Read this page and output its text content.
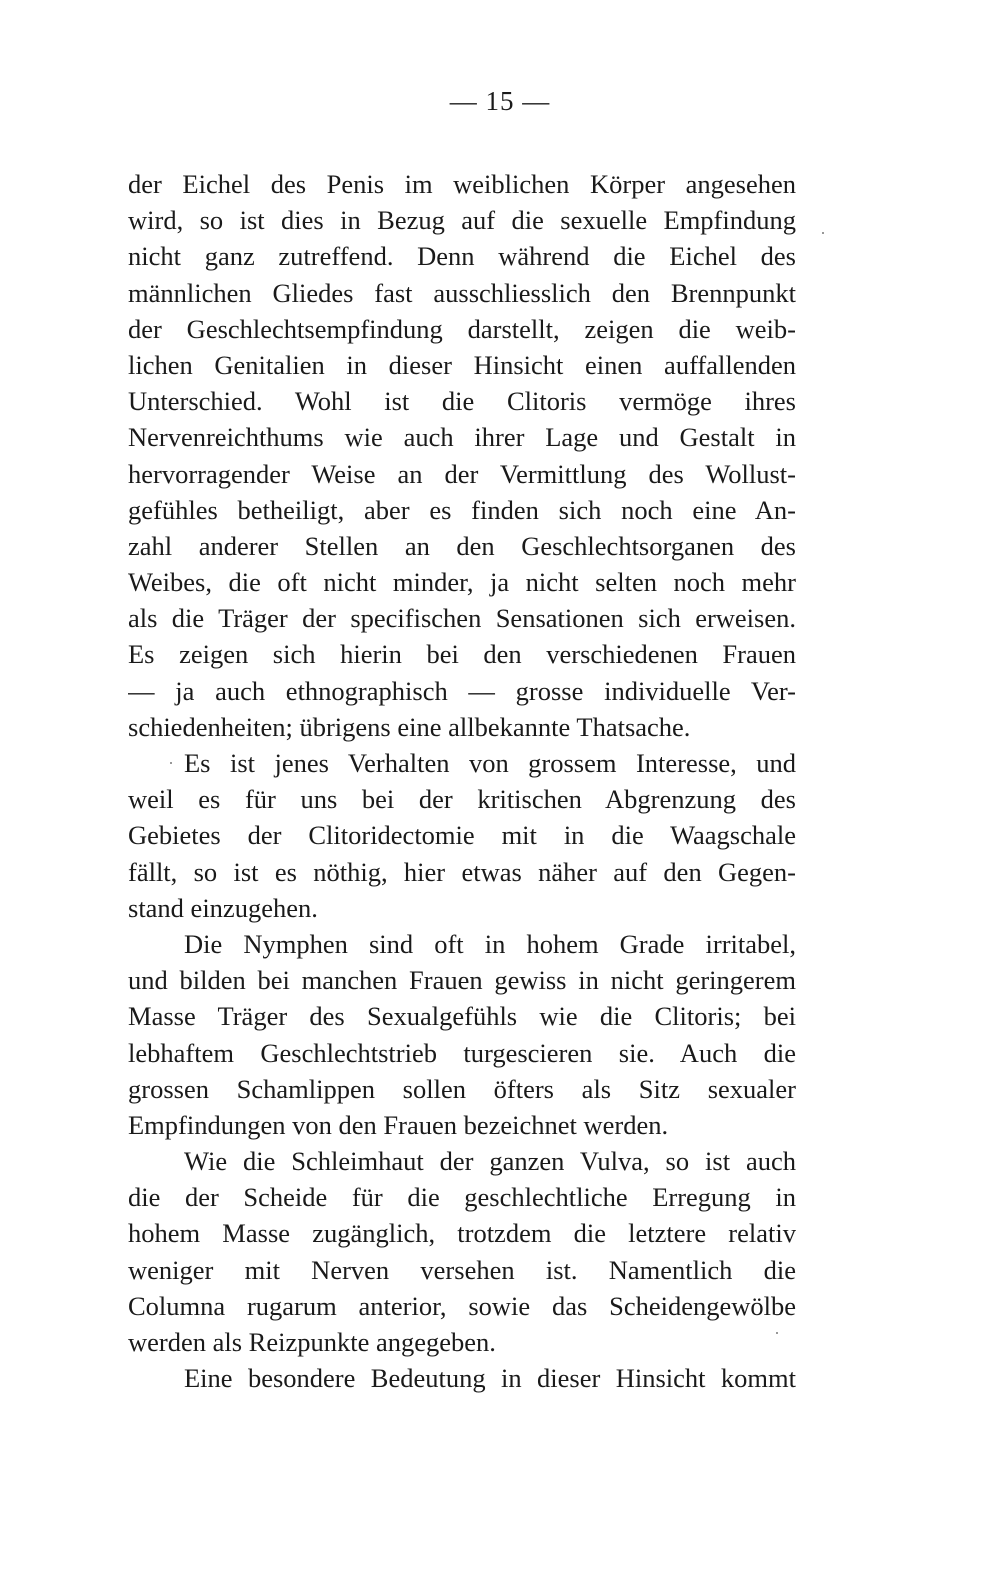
— 15 —
der Eichel des Penis im weiblichen Körper angesehen
wird, so ist dies in Bezug auf die sexuelle Empfindung
nicht ganz zutreffend. Denn während die Eichel des
männlichen Gliedes fast ausschliesslich den Brennpunkt
der Geschlechtsempfindung darstellt, zeigen die weib-
lichen Genitalien in dieser Hinsicht einen auffallenden
Unterschied. Wohl ist die Clitoris vermöge ihres
Nervenreichthums wie auch ihrer Lage und Gestalt in
hervorragender Weise an der Vermittlung des Wollust-
gefühles betheiligt, aber es finden sich noch eine An-
zahl anderer Stellen an den Geschlechtsorganen des
Weibes, die oft nicht minder, ja nicht selten noch mehr
als die Träger der specifischen Sensationen sich erweisen.
Es zeigen sich hierin bei den verschiedenen Frauen
— ja auch ethnographisch — grosse individuelle Ver-
schiedenheiten; übrigens eine allbekannte Thatsache.
Es ist jenes Verhalten von grossem Interesse, und
weil es für uns bei der kritischen Abgrenzung des
Gebietes der Clitoridectomie mit in die Waagschale
fällt, so ist es nöthig, hier etwas näher auf den Gegen-
stand einzugehen.
Die Nymphen sind oft in hohem Grade irritabel,
und bilden bei manchen Frauen gewiss in nicht geringerem
Masse Träger des Sexualgefühls wie die Clitoris; bei
lebhaftem Geschlechtstrieb turgescieren sie. Auch die
grossen Schamlippen sollen öfters als Sitz sexualer
Empfindungen von den Frauen bezeichnet werden.
Wie die Schleimhaut der ganzen Vulva, so ist auch
die der Scheide für die geschlechtliche Erregung in
hohem Masse zugänglich, trotzdem die letztere relativ
weniger mit Nerven versehen ist. Namentlich die
Columna rugarum anterior, sowie das Scheidengewölbe
werden als Reizpunkte angegeben.
Eine besondere Bedeutung in dieser Hinsicht kommt
